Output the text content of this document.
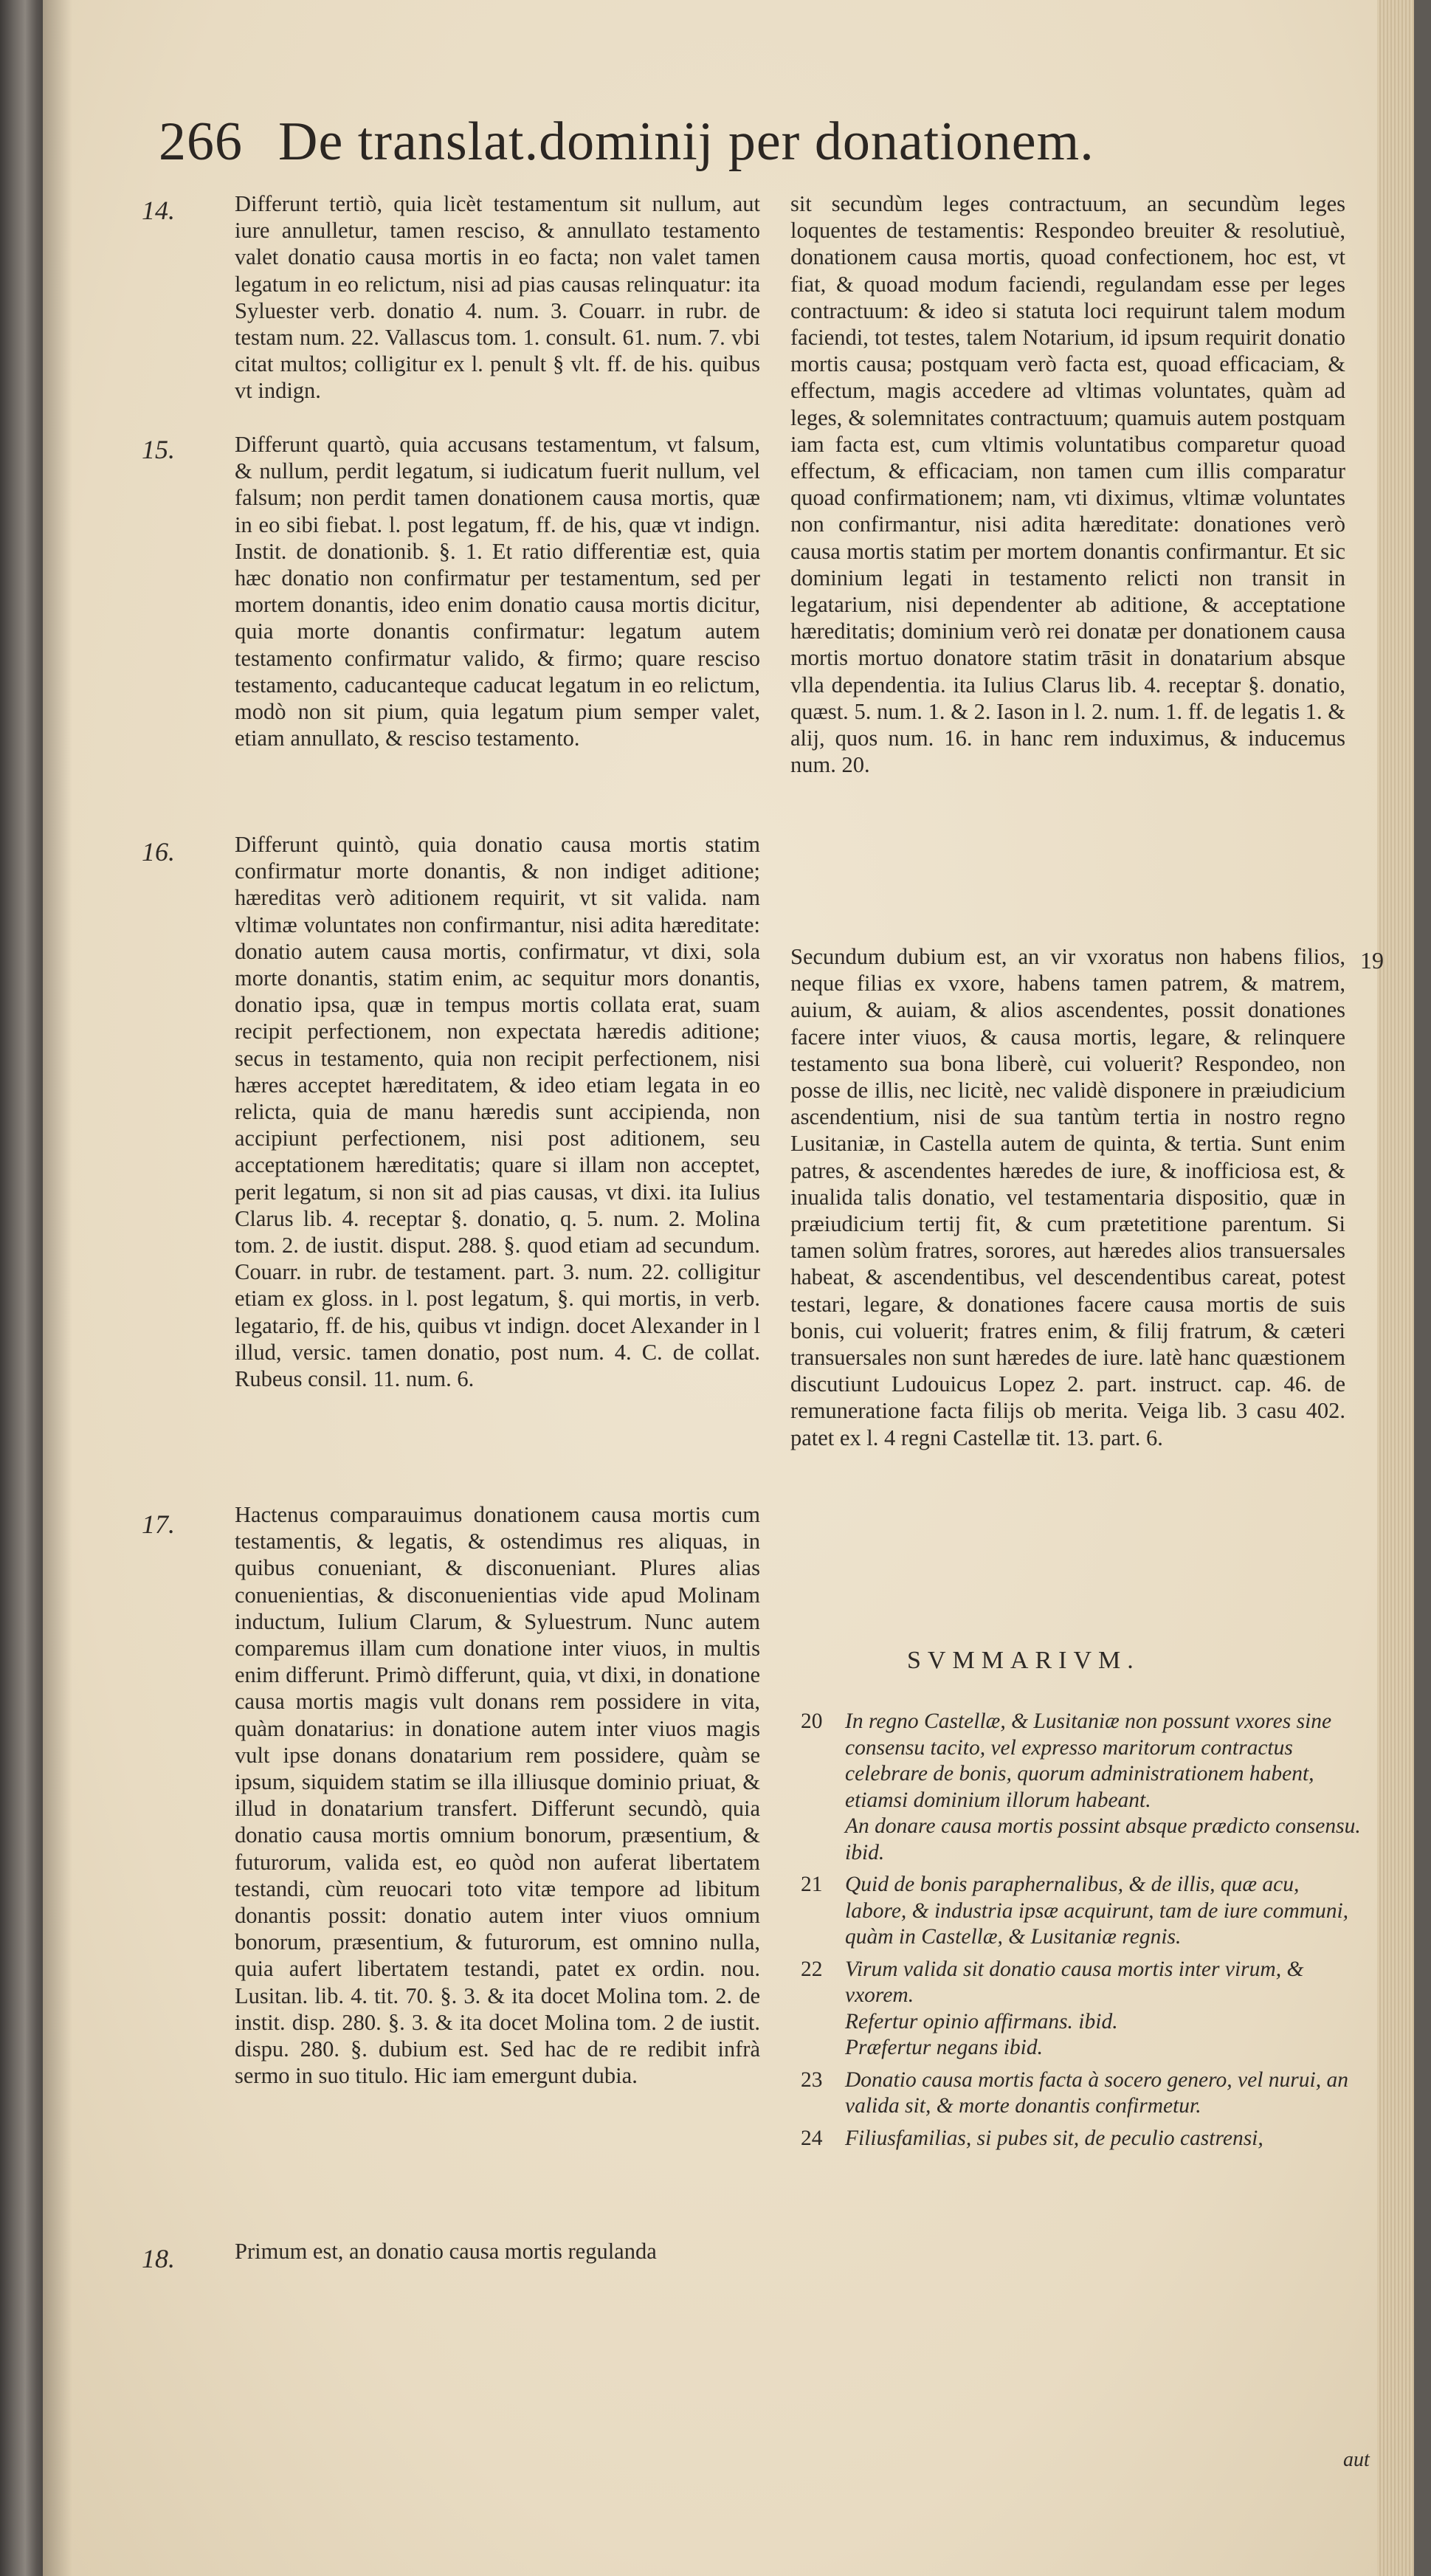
266 De translat.dominij per donationem.
14.
15.
16.
17.
18.

Differunt tertiò, quia licèt testamentum sit nullum, aut iure annulletur, tamen resciso, & annullato testamento valet donatio causa mortis in eo facta; non valet tamen legatum in eo relictum, nisi ad pias causas relinquatur: ita Syluester verb. donatio 4. num. 3. Couarr. in rubr. de testam num. 22. Vallascus tom. 1. consult. 61. num. 7. vbi citat multos; colligitur ex l. penult § vlt. ff. de his. quibus vt indign.

Differunt quartò, quia accusans testamentum, vt falsum, & nullum, perdit legatum, si iudicatum fuerit nullum, vel falsum; non perdit tamen donationem causa mortis, quæ in eo sibi fiebat. l. post legatum, ff. de his, quæ vt indign. Instit. de donationib. §. 1. Et ratio differentiæ est, quia hæc donatio non confirmatur per testamentum, sed per mortem donantis, ideo enim donatio causa mortis dicitur, quia morte donantis confirmatur: legatum autem testamento confirmatur valido, & firmo; quare resciso testamento, caducanteque caducat legatum in eo relictum, modò non sit pium, quia legatum pium semper valet, etiam annullato, & resciso testamento.

Differunt quintò, quia donatio causa mortis statim confirmatur morte donantis, & non indiget aditione; hæreditas verò aditionem requirit, vt sit valida. nam vltimæ voluntates non confirmantur, nisi adita hæreditate: donatio autem causa mortis, confirmatur, vt dixi, sola morte donantis, statim enim, ac sequitur mors donantis, donatio ipsa, quæ in tempus mortis collata erat, suam recipit perfectionem, non expectata hæredis aditione; secus in testamento, quia non recipit perfectionem, nisi hæres acceptet hæreditatem, & ideo etiam legata in eo relicta, quia de manu hæredis sunt accipienda, non accipiunt perfectionem, nisi post aditionem, seu acceptationem hæreditatis; quare si illam non acceptet, perit legatum, si non sit ad pias causas, vt dixi. ita Iulius Clarus lib. 4. receptar §. donatio, q. 5. num. 2. Molina tom. 2. de iustit. disput. 288. §. quod etiam ad secundum. Couarr. in rubr. de testament. part. 3. num. 22. colligitur etiam ex gloss. in l. post legatum, §. qui mortis, in verb. legatario, ff. de his, quibus vt indign. docet Alexander in l illud, versic. tamen donatio, post num. 4. C. de collat. Rubeus consil. 11. num. 6.

Hactenus comparauimus donationem causa mortis cum testamentis, & legatis, & ostendimus res aliquas, in quibus conueniant, & disconueniant. Plures alias conuenientias, & disconuenientias vide apud Molinam inductum, Iulium Clarum, & Syluestrum. Nunc autem comparemus illam cum donatione inter viuos, in multis enim differunt. Primò differunt, quia, vt dixi, in donatione causa mortis magis vult donans rem possidere in vita, quàm donatarius: in donatione autem inter viuos magis vult ipse donans donatarium rem possidere, quàm se ipsum, siquidem statim se illa illiusque dominio priuat, & illud in donatarium transfert. Differunt secundò, quia donatio causa mortis omnium bonorum, præsentium, & futurorum, valida est, eo quòd non auferat libertatem testandi, cùm reuocari toto vitæ tempore ad libitum donantis possit: donatio autem inter viuos omnium bonorum, præsentium, & futurorum, est omnino nulla, quia aufert libertatem testandi, patet ex ordin. nou. Lusitan. lib. 4. tit. 70. §. 3. & ita docet Molina tom. 2. de instit. disp. 280. §. 3. & ita docet Molina tom. 2 de iustit. dispu. 280. §. dubium est. Sed hac de re redibit infrà sermo in suo titulo. Hic iam emergunt dubia.

Primum est, an donatio causa mortis regulanda

sit secundùm leges contractuum, an secundùm leges loquentes de testamentis: Respondeo breuiter & resolutiuè, donationem causa mortis, quoad confectionem, hoc est, vt fiat, & quoad modum faciendi, regulandam esse per leges contractuum: & ideo si statuta loci requirunt talem modum faciendi, tot testes, talem Notarium, id ipsum requirit donatio mortis causa; postquam verò facta est, quoad efficaciam, & effectum, magis accedere ad vltimas voluntates, quàm ad leges, & solemnitates contractuum; quamuis autem postquam iam facta est, cum vltimis voluntatibus comparetur quoad effectum, & efficaciam, non tamen cum illis comparatur quoad confirmationem; nam, vti diximus, vltimæ voluntates non confirmantur, nisi adita hæreditate: donationes verò causa mortis statim per mortem donantis confirmantur. Et sic dominium legati in testamento relicti non transit in legatarium, nisi dependenter ab aditione, & acceptatione hæreditatis; dominium verò rei donatæ per donationem causa mortis mortuo donatore statim trāsit in donatarium absque vlla dependentia. ita Iulius Clarus lib. 4. receptar §. donatio, quæst. 5. num. 1. & 2. Iason in l. 2. num. 1. ff. de legatis 1. & alij, quos num. 16. in hanc rem induximus, & inducemus num. 20.

Secundum dubium est, an vir vxoratus non habens filios, neque filias ex vxore, habens tamen patrem, & matrem, auium, & auiam, & alios ascendentes, possit donationes facere inter viuos, & causa mortis, legare, & relinquere testamento sua bona liberè, cui voluerit? Respondeo, non posse de illis, nec licitè, nec validè disponere in præiudicium ascendentium, nisi de sua tantùm tertia in nostro regno Lusitaniæ, in Castella autem de quinta, & tertia. Sunt enim patres, & ascendentes hæredes de iure, & inofficiosa est, & inualida talis donatio, vel testamentaria dispositio, quæ in præiudicium tertij fit, & cum prætetitione parentum. Si tamen solùm fratres, sorores, aut hæredes alios transuersales habeat, & ascendentibus, vel descendentibus careat, potest testari, legare, & donationes facere causa mortis de suis bonis, cui voluerit; fratres enim, & filij fratrum, & cæteri transuersales non sunt hæredes de iure. latè hanc quæstionem discutiunt Ludouicus Lopez 2. part. instruct. cap. 46. de remuneratione facta filijs ob merita. Veiga lib. 3 casu 402. patet ex l. 4 regni Castellæ tit. 13. part. 6.

19
SVMMARIVM.
20 In regno Castellæ, & Lusitaniæ non possunt vxores sine consensu tacito, vel expresso maritorum contractus celebrare de bonis, quorum administrationem habent, etiamsi dominium illorum habeant.
An donare causa mortis possint absque prædicto consensu. ibid.
21 Quid de bonis paraphernalibus, & de illis, quæ acu, labore, & industria ipsæ acquirunt, tam de iure communi, quàm in Castellæ, & Lusitaniæ regnis.
22 Virum valida sit donatio causa mortis inter virum, & vxorem.
Refertur opinio affirmans. ibid.
Præfertur negans ibid.
23 Donatio causa mortis facta à socero genero, vel nurui, an valida sit, & morte donantis confirmetur.
24 Filiusfamilias, si pubes sit, de peculio castrensi,
aut
